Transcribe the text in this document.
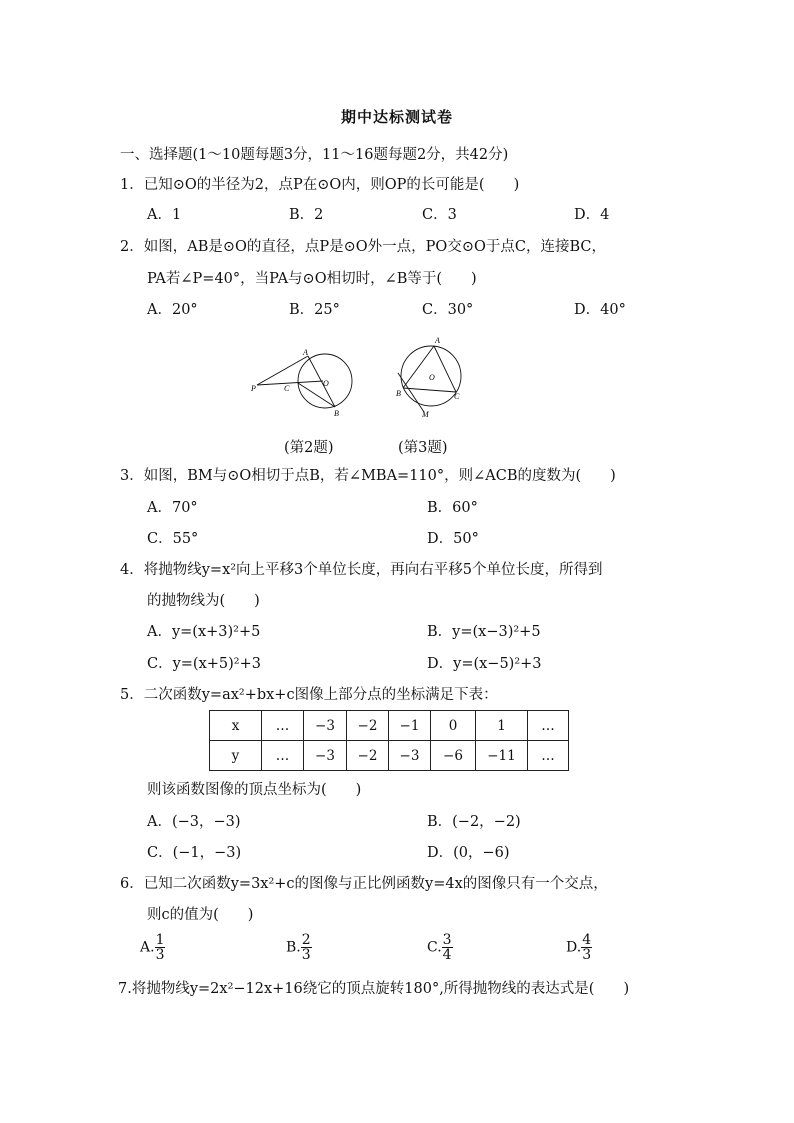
期中达标测试卷
一、选择题(1～10题每题3分，11～16题每题2分，共42分)
1．已知⊙O的半径为2，点P在⊙O内，则OP的长可能是(　　)
A．1	B．2	C．3	D．4
2．如图，AB是⊙O的直径，点P是⊙O外一点，PO交⊙O于点C，连接BC，
PA若∠P=40°，当PA与⊙O相切时，∠B等于(　　)
A．20°	B．25°	C．30°	D．40°
A
P	C
O
B
A
O
B	C
M
(第2题)	(第3题)
3．如图，BM与⊙O相切于点B，若∠MBA=110°，则∠ACB的度数为(　　)
A．70°	B．60°
C．55°	D．50°
4．将抛物线y=x²向上平移3个单位长度，再向右平移5个单位长度，所得到
的抛物线为(　　)
A．y=(x+3)²+5	B．y=(x−3)²+5
C．y=(x+5)²+3	D．y=(x−5)²+3
5．二次函数y=ax²+bx+c图像上部分点的坐标满足下表：
x	…	−3	−2	−1	0	1	…
y	…	−3	−2	−3	−6	−11	…
则该函数图像的顶点坐标为(　　)
A．(−3，−3)	B．(−2，−2)
C．(−1，−3)	D．(0，−6)
6．已知二次函数y=3x²+c的图像与正比例函数y=4x的图像只有一个交点，
则c的值为(　　)
A. $\frac{1}{3}$	B. $\frac{2}{3}$	C. $\frac{3}{4}$	D. $\frac{4}{3}$
7.将抛物线y=2x²−12x+16绕它的顶点旋转180°,所得抛物线的表达式是(　　)
